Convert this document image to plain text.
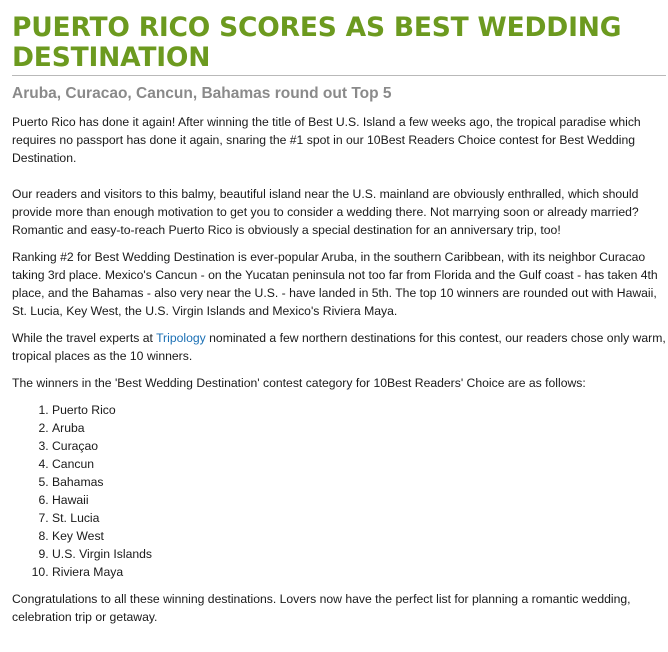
PUERTO RICO SCORES AS BEST WEDDING DESTINATION
Aruba, Curacao, Cancun, Bahamas round out Top 5

Puerto Rico has done it again! After winning the title of Best U.S. Island a few weeks ago, the tropical paradise which requires no passport has done it again, snaring the #1 spot in our 10Best Readers Choice contest for Best Wedding Destination.

Our readers and visitors to this balmy, beautiful island near the U.S. mainland are obviously enthralled, which should provide more than enough motivation to get you to consider a wedding there. Not marrying soon or already married? Romantic and easy-to-reach Puerto Rico is obviously a special destination for an anniversary trip, too!

Ranking #2 for Best Wedding Destination is ever-popular Aruba, in the southern Caribbean, with its neighbor Curacao taking 3rd place. Mexico's Cancun - on the Yucatan peninsula not too far from Florida and the Gulf coast - has taken 4th place, and the Bahamas - also very near the U.S. - have landed in 5th. The top 10 winners are rounded out with Hawaii, St. Lucia, Key West, the U.S. Virgin Islands and Mexico's Riviera Maya.

While the travel experts at Tripology nominated a few northern destinations for this contest, our readers chose only warm, tropical places as the 10 winners.

The winners in the 'Best Wedding Destination' contest category for 10Best Readers' Choice are as follows:

1. Puerto Rico
2. Aruba
3. Curaçao
4. Cancun
5. Bahamas
6. Hawaii
7. St. Lucia
8. Key West
9. U.S. Virgin Islands
10. Riviera Maya

Congratulations to all these winning destinations. Lovers now have the perfect list for planning a romantic wedding, celebration trip or getaway.
